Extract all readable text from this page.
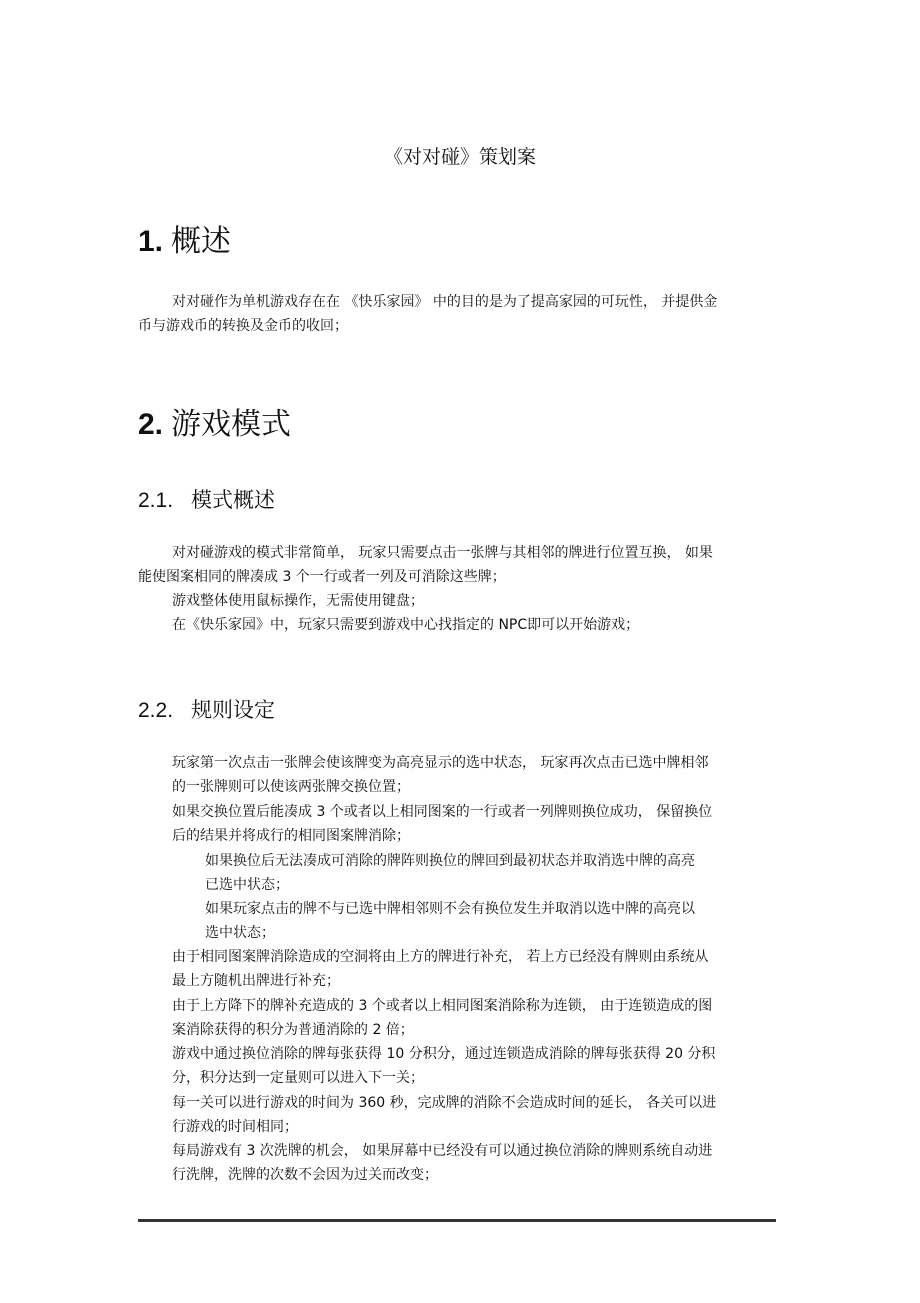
《对对碰》策划案
1. 概述
对对碰作为单机游戏存在在 《快乐家园》 中的目的是为了提高家园的可玩性， 并提供金
币与游戏币的转换及金币的收回；
2. 游戏模式
2.1. 模式概述
对对碰游戏的模式非常简单， 玩家只需要点击一张牌与其相邻的牌进行位置互换， 如果
能使图案相同的牌凑成 3 个一行或者一列及可消除这些牌；
游戏整体使用鼠标操作，无需使用键盘；
在《快乐家园》中，玩家只需要到游戏中心找指定的 NPC即可以开始游戏；
2.2. 规则设定
玩家第一次点击一张牌会使该牌变为高亮显示的选中状态， 玩家再次点击已选中牌相邻
的一张牌则可以使该两张牌交换位置；
如果交换位置后能凑成 3 个或者以上相同图案的一行或者一列牌则换位成功， 保留换位
后的结果并将成行的相同图案牌消除；
如果换位后无法凑成可消除的牌阵则换位的牌回到最初状态并取消选中牌的高亮
已选中状态；
如果玩家点击的牌不与已选中牌相邻则不会有换位发生并取消以选中牌的高亮以
选中状态；
由于相同图案牌消除造成的空洞将由上方的牌进行补充， 若上方已经没有牌则由系统从
最上方随机出牌进行补充；
由于上方降下的牌补充造成的 3 个或者以上相同图案消除称为连锁， 由于连锁造成的图
案消除获得的积分为普通消除的 2 倍；
游戏中通过换位消除的牌每张获得 10 分积分，通过连锁造成消除的牌每张获得 20 分积
分，积分达到一定量则可以进入下一关；
每一关可以进行游戏的时间为 360 秒，完成牌的消除不会造成时间的延长， 各关可以进
行游戏的时间相同；
每局游戏有 3 次洗牌的机会， 如果屏幕中已经没有可以通过换位消除的牌则系统自动进
行洗牌，洗牌的次数不会因为过关而改变；
